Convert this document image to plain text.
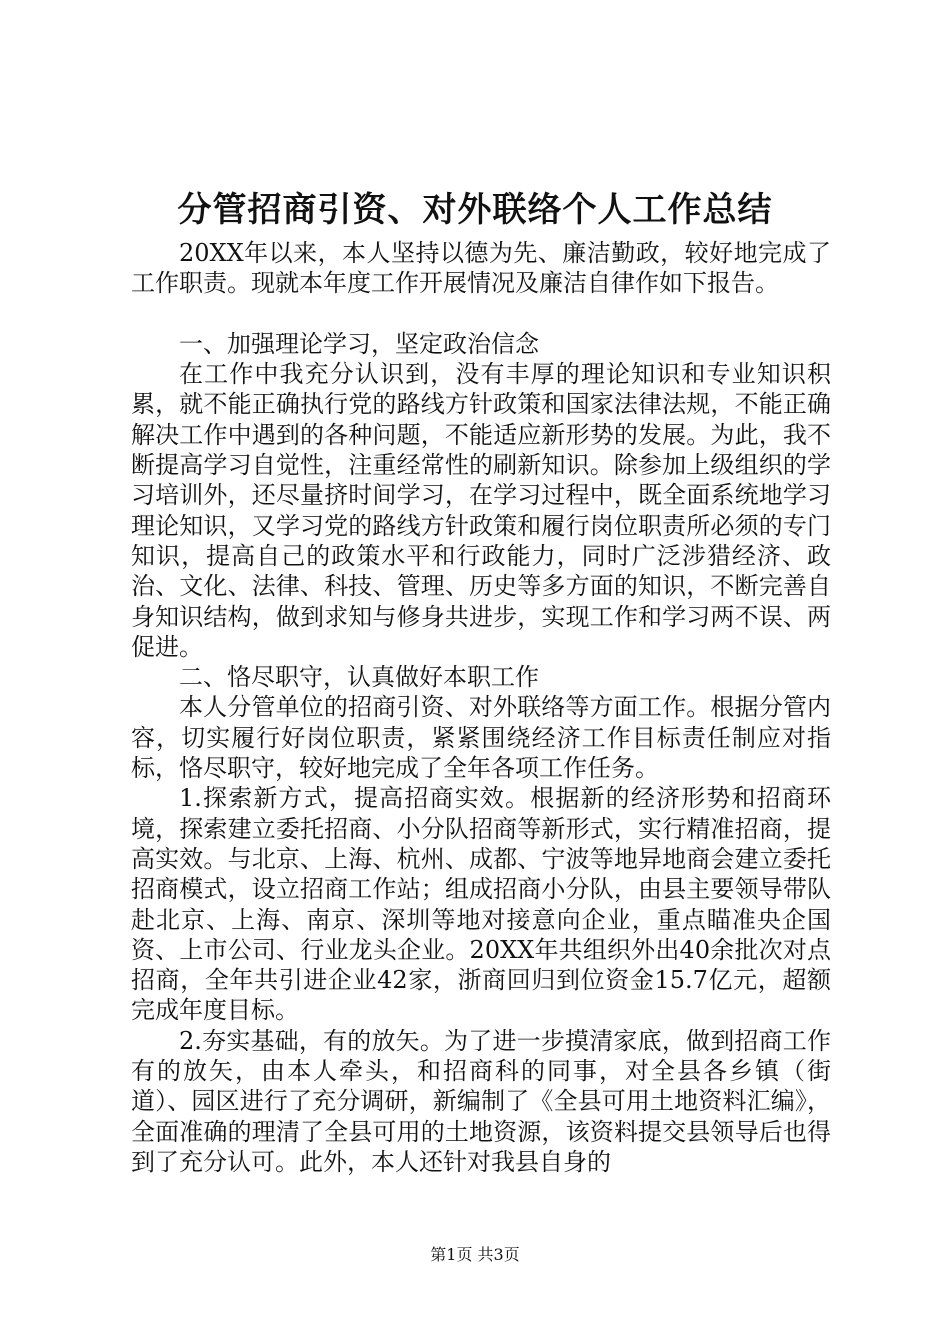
分管招商引资、对外联络个人工作总结

20XX年以来，本人坚持以德为先、廉洁勤政，较好地完成了工作职责。现就本年度工作开展情况及廉洁自律作如下报告。

一、加强理论学习，坚定政治信念

在工作中我充分认识到，没有丰厚的理论知识和专业知识积累，就不能正确执行党的路线方针政策和国家法律法规，不能正确解决工作中遇到的各种问题，不能适应新形势的发展。为此，我不断提高学习自觉性，注重经常性的刷新知识。除参加上级组织的学习培训外，还尽量挤时间学习，在学习过程中，既全面系统地学习理论知识，又学习党的路线方针政策和履行岗位职责所必须的专门知识，提高自己的政策水平和行政能力，同时广泛涉猎经济、政治、文化、法律、科技、管理、历史等多方面的知识，不断完善自身知识结构，做到求知与修身共进步，实现工作和学习两不误、两促进。

二、恪尽职守，认真做好本职工作

本人分管单位的招商引资、对外联络等方面工作。根据分管内容，切实履行好岗位职责，紧紧围绕经济工作目标责任制应对指标，恪尽职守，较好地完成了全年各项工作任务。

1.探索新方式，提高招商实效。根据新的经济形势和招商环境，探索建立委托招商、小分队招商等新形式，实行精准招商，提高实效。与北京、上海、杭州、成都、宁波等地异地商会建立委托招商模式，设立招商工作站；组成招商小分队，由县主要领导带队赴北京、上海、南京、深圳等地对接意向企业，重点瞄准央企国资、上市公司、行业龙头企业。20XX年共组织外出40余批次对点招商，全年共引进企业42家，浙商回归到位资金15.7亿元，超额完成年度目标。

2.夯实基础，有的放矢。为了进一步摸清家底，做到招商工作有的放矢，由本人牵头，和招商科的同事，对全县各乡镇（街道）、园区进行了充分调研，新编制了《全县可用土地资料汇编》，全面准确的理清了全县可用的土地资源，该资料提交县领导后也得到了充分认可。此外，本人还针对我县自身的

第1页 共3页
